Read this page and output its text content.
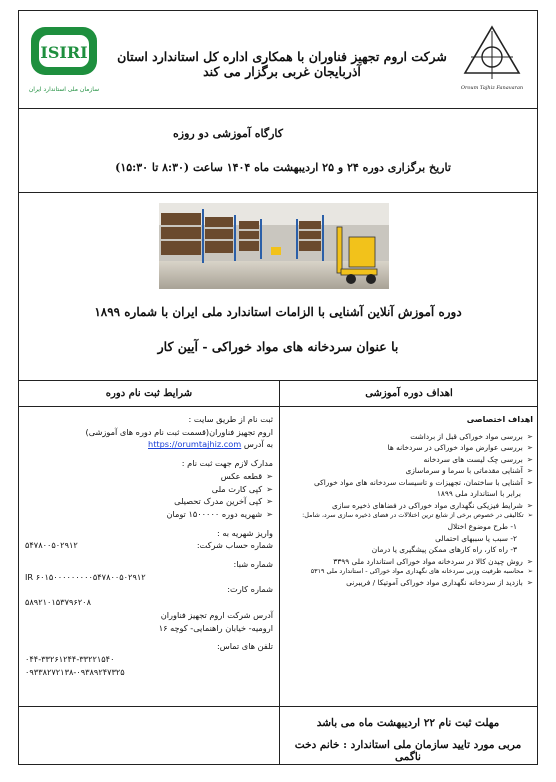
ISIRI
سازمان ملی استاندارد ایران
شرکت اروم تجهیز فناوران با همکاری اداره کل استاندارد استان آذربایجان غربی برگزار می کند
Oroum Tajhiz Fanavaran
کارگاه آموزشی دو روزه
تاریخ برگزاری دوره ۲۴ و ۲۵ اردیبهشت ماه ۱۴۰۴ ساعت (۸:۳۰ تا ۱۵:۳۰)
دوره آموزش آنلاین آشنایی با الزامات استاندارد ملی ایران با شماره ۱۸۹۹
با عنوان سردخانه های مواد خوراکی - آیین کار
شرایط ثبت نام دوره	اهداف دوره آموزشی
ثبت نام از طریق سایت :
اروم تجهیز فناوران(قسمت ثبت نام دوره های آموزشی)
به آدرس https://orumtajhiz.com
مدارک لازم جهت ثبت نام :
➢قطعه عکس
➢کپی کارت ملی
➢کپی آخرین مدرک تحصیلی
➢شهریه دوره ۱۵۰۰۰۰۰ تومان
واریز شهریه به :
شماره حساب شرکت:
۵۴۷۸۰۰۵۰۲۹۱۲
شماره شبا:
IR ۶۰۱۵۰۰۰۰۰۰۰۰۰۵۴۷۸۰۰۵۰۲۹۱۲

شماره کارت:
۵۸۹۲۱۰۱۵۳۷۹۶۲۰۸

آدرس شرکت اروم تجهیز فناوران
ارومیه- خیابان راهنمایی- کوچه ۱۶
تلفن های تماس:
۰۴۴-۳۳۲۶۱۲۴۴-۳۳۲۲۱۵۴۰

۰۹۳۳۸۲۷۲۱۳۸-۰۹۳۸۹۲۴۷۳۲۵

اهداف اختصاصی
➢بررسی مواد خوراکی قبل از برداشت
➢بررسی عوارض مواد خوراکی در سردخانه ها
➢بررسی چک لیست های سردخانه
➢آشنایی مقدماتی با سرما و سرماسازی
➢آشنایی با ساختمان، تجهیزات و تاسیسات سردخانه های مواد خوراکی
برابر با استاندارد ملی ۱۸۹۹
➢شرایط فیزیکی نگهداری مواد خوراکی در فضاهای ذخیره سازی
➢تکالیفی در خصوص برخی از شایع ترین اختلالات در فضای ذخیره سازی سرد، شامل:
۱- طرح موضوع اختلال
۲- سبب یا سببهای احتمالی
۳- راه کار، راه کارهای ممکن پیشگیری یا درمان
➢روش چیدن کالا در سردخانه مواد خوراکی استاندارد ملی ۳۳۹۹
➢محاسبه ظرفیت وزنی سردخانه های نگهداری مواد خوراکی - استاندارد ملی ۵۳۱۹
➢بازدید از سردخانه نگهداری مواد خوراکی آموتیکا / فریبرنی
مهلت ثبت نام ۲۲ اردیبهشت ماه می باشد
مربی مورد تایید سازمان ملی استاندارد : خانم دخت ناگمی
